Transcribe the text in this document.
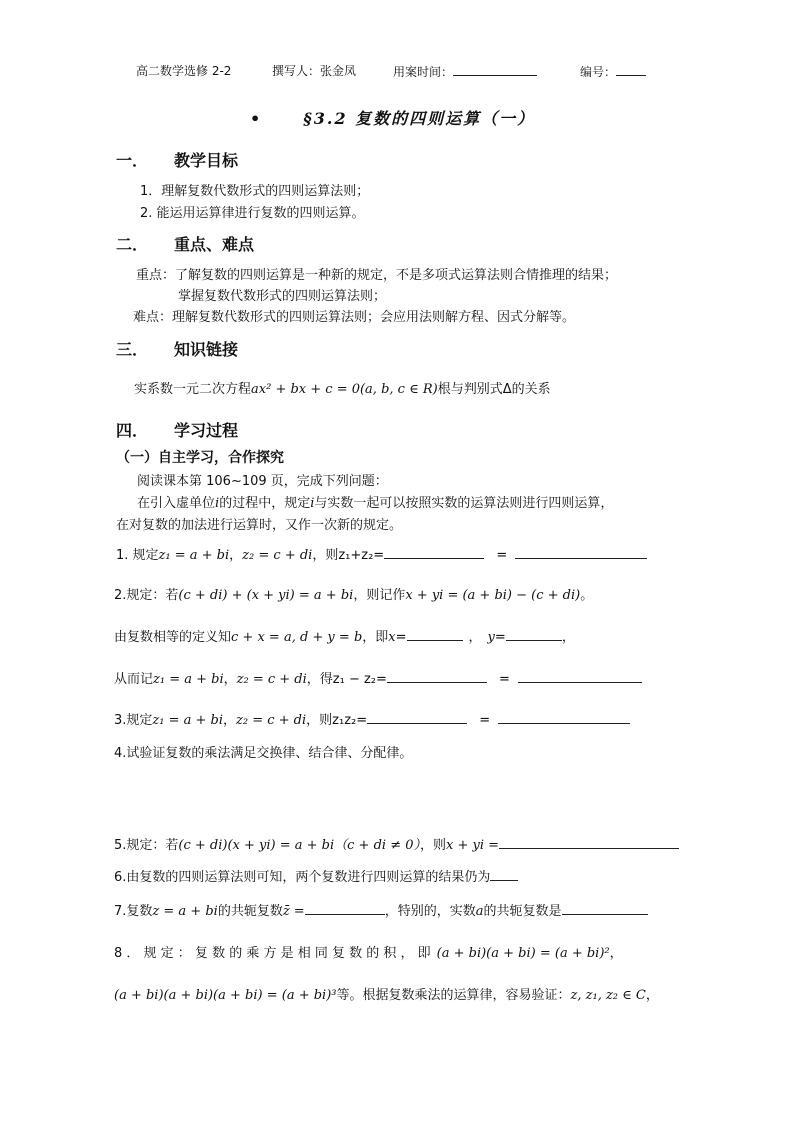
高二数学选修 2-2	撰写人：张金凤	用案时间：	编号：
•	§3.2 复数的四则运算（一）
一． 教学目标
1．理解复数代数形式的四则运算法则；
2. 能运用运算律进行复数的四则运算。
二． 重点、难点
重点：了解复数的四则运算是一种新的规定，不是多项式运算法则合情推理的结果；
掌握复数代数形式的四则运算法则；
难点：理解复数代数形式的四则运算法则；会应用法则解方程、因式分解等。
三． 知识链接
实系数一元二次方程ax² + bx + c = 0(a, b, c ∈ R)根与判别式Δ的关系
四． 学习过程
（一）自主学习，合作探究
阅读课本第 106~109 页，完成下列问题：
在引入虚单位i的过程中，规定i与实数一起可以按照实数的运算法则进行四则运算，
在对复数的加法进行运算时，又作一次新的规定。
1. 规定z₁ = a + bi，z₂ = c + di，则z₁+z₂=	=
2.规定：若(c + di) + (x + yi) = a + bi，则记作x + yi = (a + bi) − (c + di)。
由复数相等的定义知c + x = a, d + y = b，即x=	， y=	，
从而记z₁ = a + bi，z₂ = c + di，得z₁ − z₂=	=
3.规定z₁ = a + bi，z₂ = c + di，则z₁z₂=	=
4.试验证复数的乘法满足交换律、结合律、分配律。
5.规定：若(c + di)(x + yi) = a + bi（c + di ≠ 0），则x + yi =
6.由复数的四则运算法则可知，两个复数进行四则运算的结果仍为
7.复数z = a + bi的共轭复数z̄ =	，特别的，实数a的共轭复数是
8 ． 规 定 ： 复 数 的 乘 方 是 相 同 复 数 的 积 ， 即 (a + bi)(a + bi) = (a + bi)²，
(a + bi)(a + bi)(a + bi) = (a + bi)³等。根据复数乘法的运算律，容易验证：z, z₁, z₂ ∈ C，
